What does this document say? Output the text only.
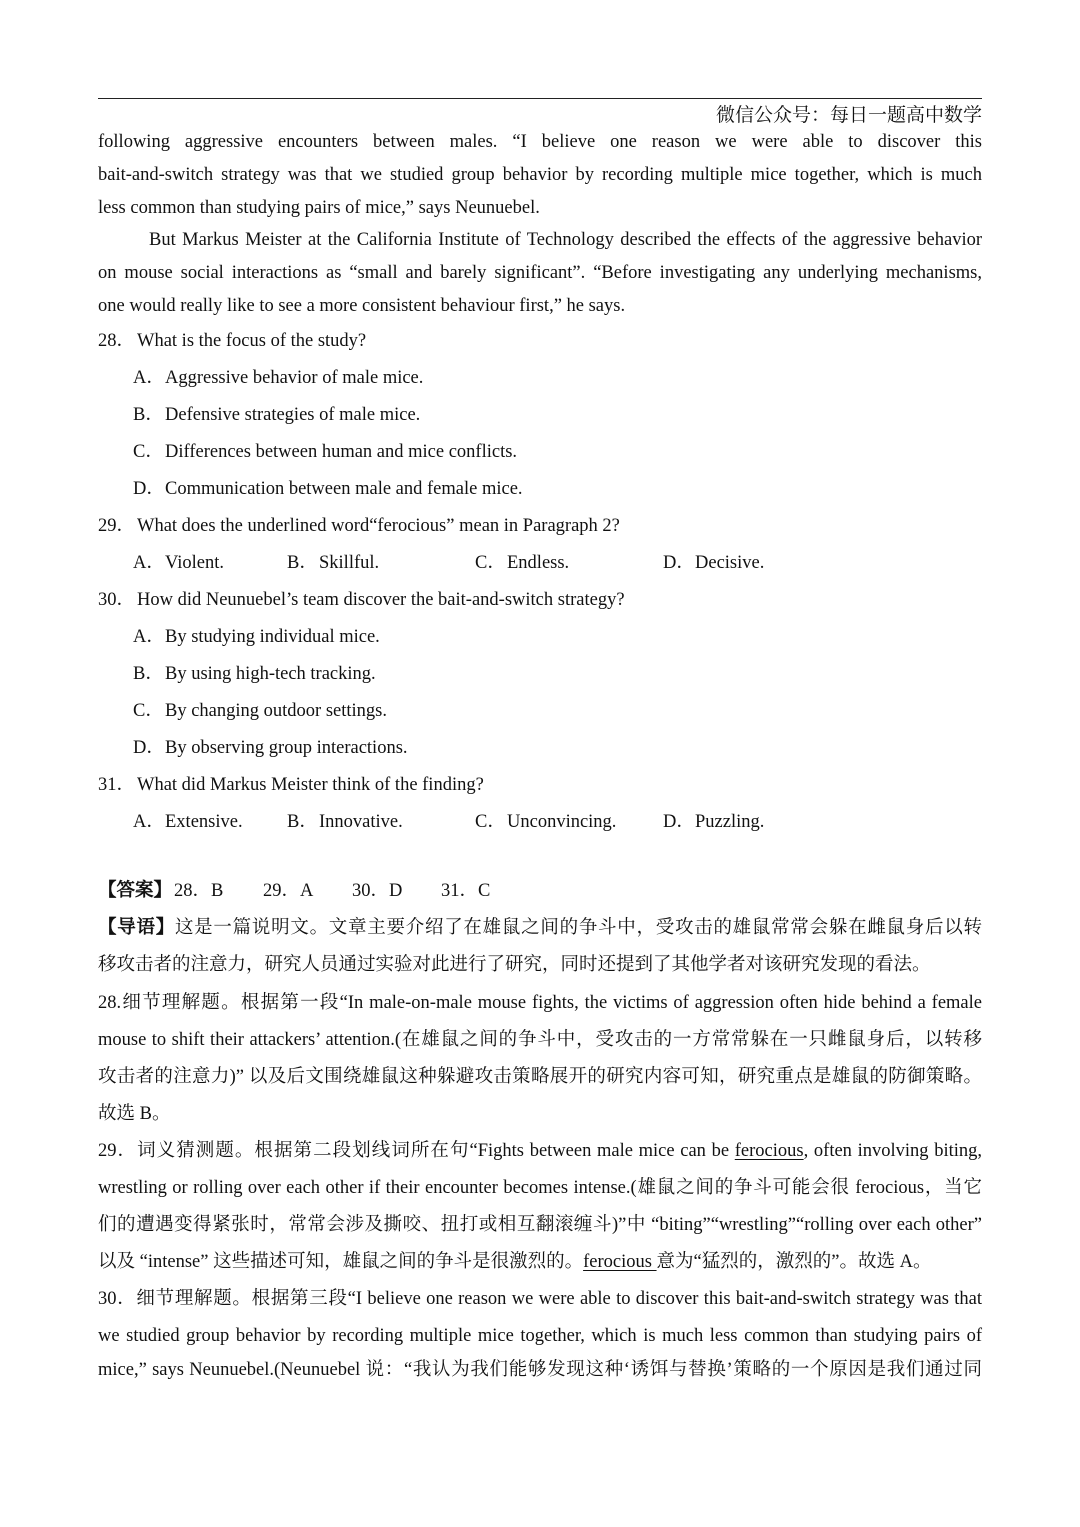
微信公众号：每日一题高中数学
following aggressive encounters between males. “I believe one reason we were able to discover this
bait-and-switch strategy was that we studied group behavior by recording multiple mice together, which is much
less common than studying pairs of mice,” says Neunuebel.
But Markus Meister at the California Institute of Technology described the effects of the aggressive behavior
on mouse social interactions as “small and barely significant”. “Before investigating any underlying mechanisms,
one would really like to see a more consistent behaviour first,” he says.
28． What is the focus of the study?
A．Aggressive behavior of male mice.
B．Defensive strategies of male mice.
C．Differences between human and mice conflicts.
D．Communication between male and female mice.
29． What does the underlined word“ferocious” mean in Paragraph 2?
A．Violent.	B．Skillful.	C．Endless.	D．Decisive.
30． How did Neunuebel’s team discover the bait-and-switch strategy?
A．By studying individual mice.
B．By using high-tech tracking.
C．By changing outdoor settings.
D．By observing group interactions.
31． What did Markus Meister think of the finding?
A．Extensive. B．Innovative.	C．Unconvincing.	D．Puzzling.
【答案】 28．B 29．A 30．D 31．C
【导语】这是一篇说明文。文章主要介绍了在雄鼠之间的争斗中，受攻击的雄鼠常常会躲在雌鼠身后以转
移攻击者的注意力，研究人员通过实验对此进行了研究，同时还提到了其他学者对该研究发现的看法。
28.细节理解题。根据第一段“In male-on-male mouse fights, the victims of aggression often hide behind a female
mouse to shift their attackers’ attention.(在雄鼠之间的争斗中，受攻击的一方常常躲在一只雌鼠身后，以转移
攻击者的注意力)” 以及后文围绕雄鼠这种躲避攻击策略展开的研究内容可知，研究重点是雄鼠的防御策略。
故选 B。
29．词义猜测题。根据第二段划线词所在句“Fights between male mice can be ferocious, often involving biting,
wrestling or rolling over each other if their encounter becomes intense.(雄鼠之间的争斗可能会很 ferocious，当它
们的遭遇变得紧张时，常常会涉及撕咬、扭打或相互翻滚缠斗)”中 “biting”“wrestling”“rolling over each other”
以及 “intense” 这些描述可知，雄鼠之间的争斗是很激烈的。ferocious 意为“猛烈的，激烈的”。故选 A。
30．细节理解题。根据第三段“I believe one reason we were able to discover this bait-and-switch strategy was that
we studied group behavior by recording multiple mice together, which is much less common than studying pairs of
mice,” says Neunuebel.(Neunuebel 说：“我认为我们能够发现这种‘诱饵与替换’策略的一个原因是我们通过同
